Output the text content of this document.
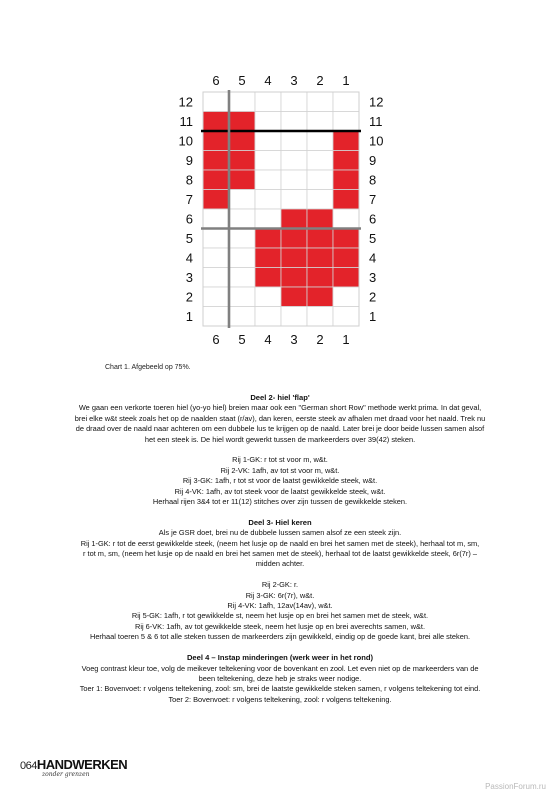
6
6
5
5
4
4
3
3
2
2
1
1
12	12
11	11
10	10
9	9
8	8
7	7
6	6
5	5
4	4
3	3
2	2
1	1
Chart 1. Afgebeeld op 75%.
Deel 2- hiel 'flap'

We gaan een verkorte toeren hiel (yo-yo hiel) breien maar ook een "German short Row" methode werkt prima. In dat geval,

brei elke w&t steek zoals het op de naalden staat (r/av), dan keren, eerste steek av afhalen met draad voor het naald. Trek nu

de draad over de naald naar achteren om een dubbele lus te krijgen op de naald. Later brei je door beide lussen samen alsof

het een steek is. De hiel wordt gewerkt tussen de markeerders over 39(42) steken.

Rij 1-GK: r tot st voor m, w&t.

Rij 2-VK: 1afh, av tot st voor m, w&t.

Rij 3-GK: 1afh, r tot st voor de laatst gewikkelde steek, w&t.

Rij 4-VK: 1afh, av tot steek voor de laatst gewikkelde steek, w&t.

Herhaal rijen 3&4 tot er 11(12) stitches over zijn tussen de gewikkelde steken.

Deel 3- Hiel keren

Als je GSR doet, brei nu de dubbele lussen samen alsof ze een steek zijn.

Rij 1-GK: r tot de eerst gewikkelde steek, (neem het lusje op de naald en brei het samen met de steek), herhaal tot m, sm,

r tot m, sm, (neem het lusje op de naald en brei het samen met de steek), herhaal tot de laatst gewikkelde steek, 6r(7r) –

midden achter.

Rij 2-GK: r.

Rij 3-GK: 6r(7r), w&t.

Rij 4-VK: 1afh, 12av(14av), w&t.

Rij 5-GK: 1afh, r tot gewikkelde st, neem het lusje op en brei het samen met de steek, w&t.

Rij 6-VK: 1afh, av tot gewikkelde steek, neem het lusje op en brei averechts samen, w&t.

Herhaal toeren 5 & 6 tot alle steken tussen de markeerders zijn gewikkeld, eindig op de goede kant, brei alle steken.

Deel 4 – Instap minderingen (werk weer in het rond)

Voeg contrast kleur toe, volg de meikever teltekening voor de bovenkant en zool. Let even niet op de markeerders van de

been teltekening, deze heb je straks weer nodige.

Toer 1: Bovenvoet: r volgens teltekening, zool: sm, brei de laatste gewikkelde steken samen, r volgens teltekening tot eind.

Toer 2: Bovenvoet: r volgens teltekening, zool: r volgens teltekening.

064HANDWERKEN
zonder grenzen
PassionForum.ru
